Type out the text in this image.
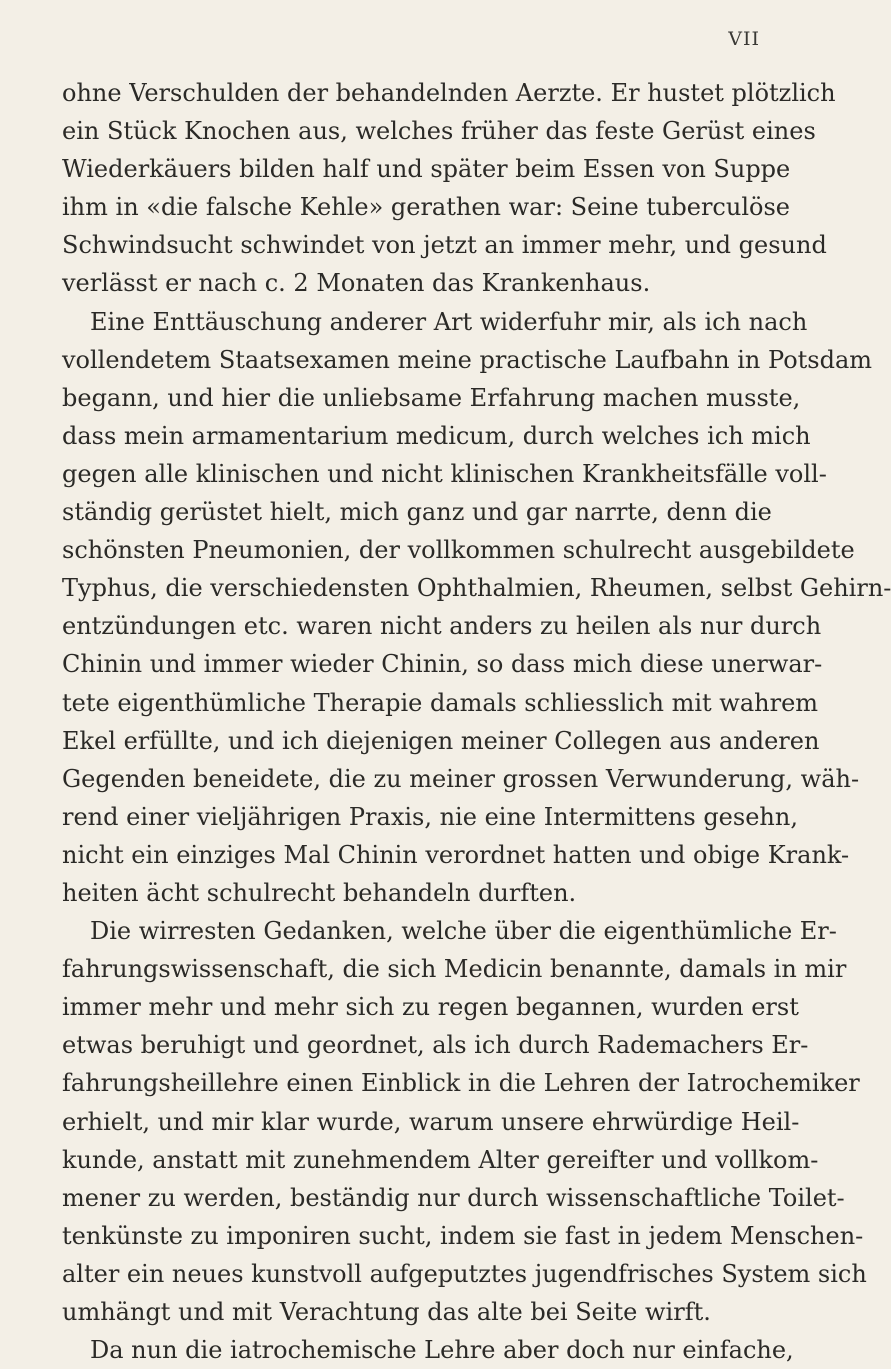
VII
ohne Verschulden der behandelnden Aerzte. Er hustet plötzlich
ein Stück Knochen aus, welches früher das feste Gerüst eines
Wiederkäuers bilden half und später beim Essen von Suppe
ihm in «die falsche Kehle» gerathen war: Seine tuberculöse
Schwindsucht schwindet von jetzt an immer mehr, und gesund
verlässt er nach c. 2 Monaten das Krankenhaus.
Eine Enttäuschung anderer Art widerfuhr mir, als ich nach
vollendetem Staatsexamen meine practische Laufbahn in Potsdam
begann, und hier die unliebsame Erfahrung machen musste,
dass mein armamentarium medicum, durch welches ich mich
gegen alle klinischen und nicht klinischen Krankheitsfälle voll-
ständig gerüstet hielt, mich ganz und gar narrte, denn die
schönsten Pneumonien, der vollkommen schulrecht ausgebildete
Typhus, die verschiedensten Ophthalmien, Rheumen, selbst Gehirn-
entzündungen etc. waren nicht anders zu heilen als nur durch
Chinin und immer wieder Chinin, so dass mich diese unerwar-
tete eigenthümliche Therapie damals schliesslich mit wahrem
Ekel erfüllte, und ich diejenigen meiner Collegen aus anderen
Gegenden beneidete, die zu meiner grossen Verwunderung, wäh-
rend einer vieljährigen Praxis, nie eine Intermittens gesehn,
nicht ein einziges Mal Chinin verordnet hatten und obige Krank-
heiten ächt schulrecht behandeln durften.
Die wirresten Gedanken, welche über die eigenthümliche Er-
fahrungswissenschaft, die sich Medicin benannte, damals in mir
immer mehr und mehr sich zu regen begannen, wurden erst
etwas beruhigt und geordnet, als ich durch Rademachers Er-
fahrungsheillehre einen Einblick in die Lehren der Iatrochemiker
erhielt, und mir klar wurde, warum unsere ehrwürdige Heil-
kunde, anstatt mit zunehmendem Alter gereifter und vollkom-
mener zu werden, beständig nur durch wissenschaftliche Toilet-
tenkünste zu imponiren sucht, indem sie fast in jedem Menschen-
alter ein neues kunstvoll aufgeputztes jugendfrisches System sich
umhängt und mit Verachtung das alte bei Seite wirft.
Da nun die iatrochemische Lehre aber doch nur einfache,
